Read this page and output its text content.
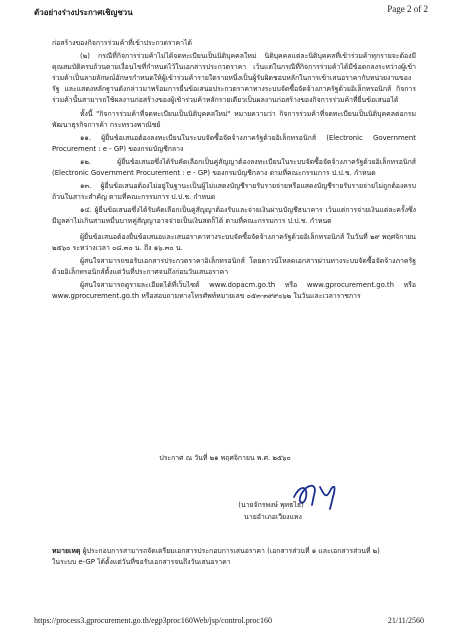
ตัวอย่างร่างประกาศเชิญชวน	Page 2 of 2

ก่อสร้างของกิจการร่วมค้าที่เข้าประกวดราคาได้

(๒) กรณีที่กิจการร่วมค้าไม่ได้จดทะเบียนเป็นนิติบุคคลใหม่ นิติบุคคลแต่ละนิติบุคคลที่เข้าร่วมค้าทุกรายจะต้องมีคุณสมบัติครบถ้วนตามเงื่อนไขที่กำหนดไว้ในเอกสารประกวดราคา เว้นแต่ในกรณีที่กิจการร่วมค้าได้มีข้อตกลงระหว่างผู้เข้าร่วมค้าเป็นลายลักษณ์อักษรกำหนดให้ผู้เข้าร่วมค้ารายใดรายหนึ่งเป็นผู้รับผิดชอบหลักในการเข้าเสนอราคากับหน่วยงานของรัฐ และแสดงหลักฐานดังกล่าวมาพร้อมการยื่นข้อเสนอประกวดราคาทางระบบจัดซื้อจัดจ้างภาครัฐด้วยอิเล็กทรอนิกส์ กิจการร่วมค้านั้นสามารถใช้ผลงานก่อสร้างของผู้เข้าร่วมค้าหลักรายเดียวเป็นผลงานก่อสร้างของกิจการร่วมค้าที่ยื่นข้อเสนอได้

ทั้งนี้ "กิจการร่วมค้าที่จดทะเบียนเป็นนิติบุคคลใหม่" หมายความว่า กิจการร่วมค้าที่จดทะเบียนเป็นนิติบุคคลต่อกรมพัฒนาธุรกิจการค้า กระทรวงพาณิชย์

๑๑. ผู้ยื่นข้อเสนอต้องลงทะเบียนในระบบจัดซื้อจัดจ้างภาครัฐด้วยอิเล็กทรอนิกส์ (Electronic Government Procurement : e - GP) ของกรมบัญชีกลาง

๑๒. ผู้ยื่นข้อเสนอซึ่งได้รับคัดเลือกเป็นคู่สัญญาต้องลงทะเบียนในระบบจัดซื้อจัดจ้างภาครัฐด้วยอิเล็กทรอนิกส์ (Electronic Government Procurement : e - GP) ของกรมบัญชีกลาง ตามที่คณะกรรมการ ป.ป.ช. กำหนด

๑๓. ผู้ยื่นข้อเสนอต้องไม่อยู่ในฐานะเป็นผู้ไม่แสดงบัญชีรายรับรายจ่ายหรือแสดงบัญชีรายรับรายจ่ายไม่ถูกต้องครบถ้วนในสาระสำคัญ ตามที่คณะกรรมการ ป.ป.ช. กำหนด

๑๔. ผู้ยื่นข้อเสนอซึ่งได้รับคัดเลือกเป็นคู่สัญญาต้องรับและจ่ายเงินผ่านบัญชีธนาคาร เว้นแต่การจ่ายเงินแต่ละครั้งซึ่งมีมูลค่าไม่เกินสามหมื่นบาทคู่สัญญาอาจจ่ายเป็นเงินสดก็ได้ ตามที่คณะกรรมการ ป.ป.ช. กำหนด

ผู้ยื่นข้อเสนอต้องยื่นข้อเสนอและเสนอราคาทางระบบจัดซื้อจัดจ้างภาครัฐด้วยอิเล็กทรอนิกส์ ในวันที่ ๒๙ พฤศจิกายน ๒๕๖๐ ระหว่างเวลา ๐๘.๓๐ น. ถึง ๑๖.๓๐ น.

ผู้สนใจสามารถขอรับเอกสารประกวดราคาอิเล็กทรอนิกส์ โดยดาวน์โหลดเอกสารผ่านทางระบบจัดซื้อจัดจ้างภาครัฐด้วยอิเล็กทรอนิกส์ตั้งแต่วันที่ประกาศจนถึงก่อนวันเสนอราคา

ผู้สนใจสามารถดูรายละเอียดได้ที่เว็บไซต์ www.dopacm.go.th หรือ www.gprocurement.go.th หรือ www.gprocurement.go.th หรือสอบถามทางโทรศัพท์หมายเลข ๐๕๓-๓๙๙๐๖๒ ในวันและเวลาราชการ

ประกาศ ณ วันที่ ๒๑ พฤศจิกายน พ.ศ. ๒๕๖๐
(นายจักรพงษ์ พุทธไธ)
นายอำเภอเวียงแหง
หมายเหตุ ผู้ประกอบการสามารถจัดเตรียมเอกสารประกอบการเสนอราคา (เอกสารส่วนที่ ๑ และเอกสารส่วนที่ ๒)
ในระบบ e-GP ได้ตั้งแต่วันที่ขอรับเอกสารจนถึงวันเสนอราคา
https://process3.gprocurement.go.th/egp3proc160Web/jsp/control.proc160	21/11/2560
